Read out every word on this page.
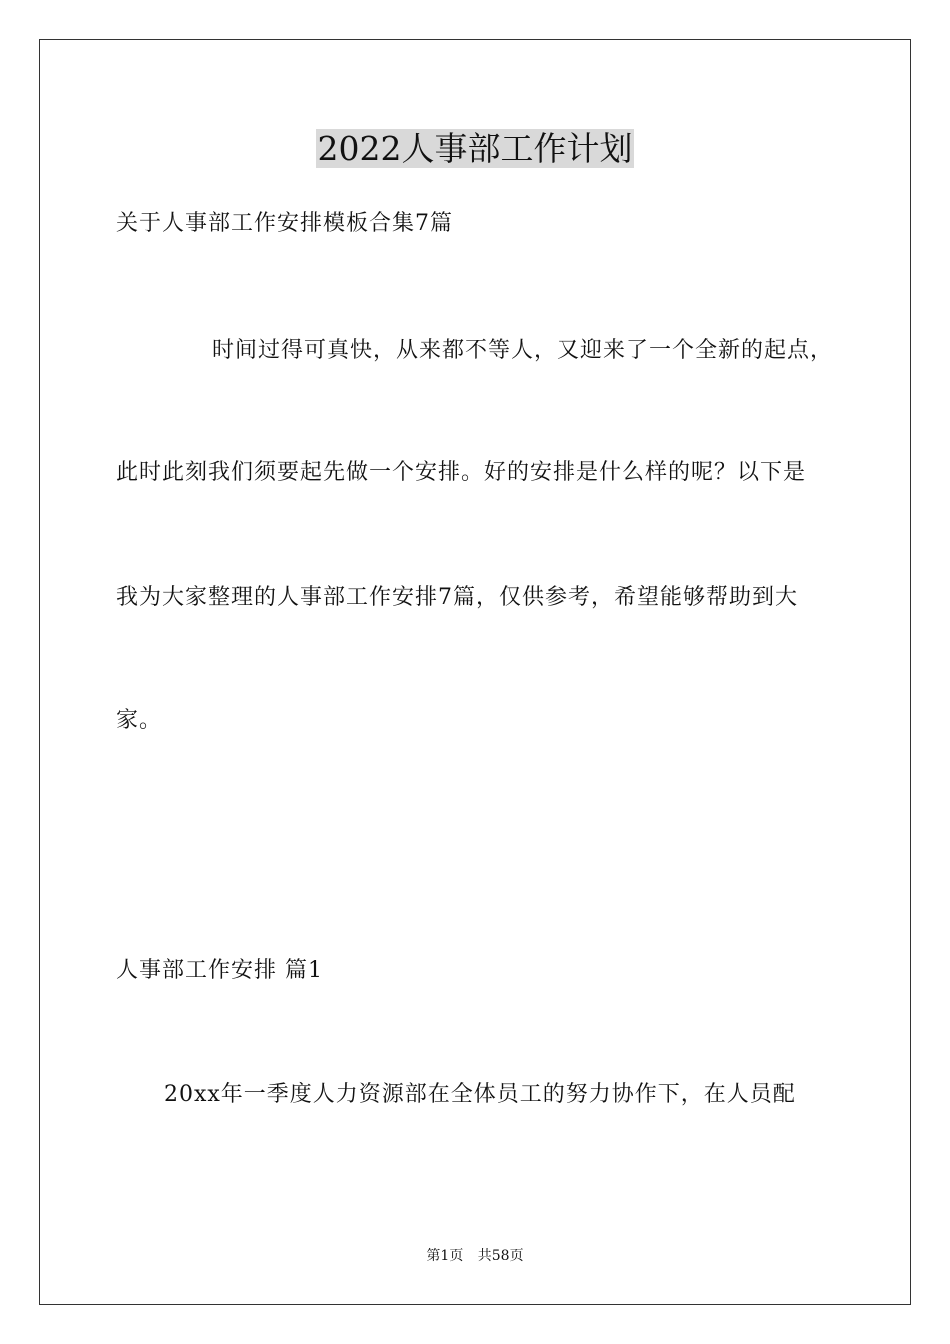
2022人事部工作计划
关于人事部工作安排模板合集7篇
时间过得可真快，从来都不等人，又迎来了一个全新的起点，
此时此刻我们须要起先做一个安排。好的安排是什么样的呢？以下是
我为大家整理的人事部工作安排7篇，仅供参考，希望能够帮助到大
家。
人事部工作安排 篇1
20xx年一季度人力资源部在全体员工的努力协作下，在人员配
第1页 共58页
